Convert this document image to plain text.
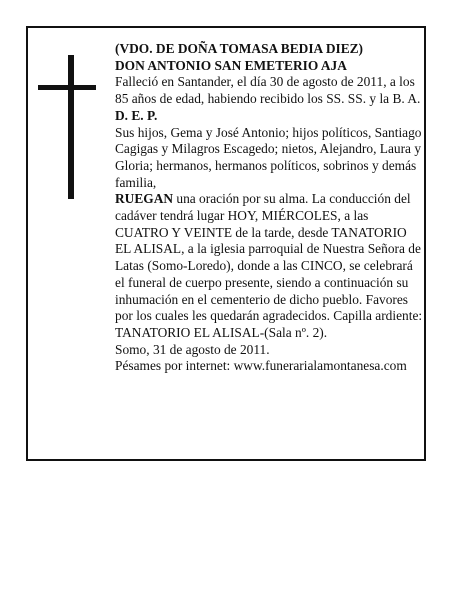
(VDO. DE DOÑA TOMASA BEDIA DIEZ)

DON ANTONIO SAN EMETERIO AJA

Falleció en Santander, el día 30 de agosto de 2011, a los 85 años de edad, habiendo recibido los SS. SS. y la B. A.

D. E. P.

Sus hijos, Gema y José Antonio; hijos políticos, Santiago Cagigas y Milagros Escagedo; nietos, Alejandro, Laura y Gloria; hermanos, hermanos políticos, sobrinos y demás familia,

RUEGAN una oración por su alma. La conducción del cadáver tendrá lugar HOY, MIÉRCOLES, a las CUATRO Y VEINTE de la tarde, desde TANATORIO EL ALISAL, a la iglesia parroquial de Nuestra Señora de Latas (Somo-Loredo), donde a las CINCO, se celebrará el funeral de cuerpo presente, siendo a continuación su inhumación en el cementerio de dicho pueblo. Favores por los cuales les quedarán agradecidos. Capilla ardiente: TANATORIO EL ALISAL-(Sala nº. 2).

Somo, 31 de agosto de 2011.

Pésames por internet: www.funerarialamontanesa.com
